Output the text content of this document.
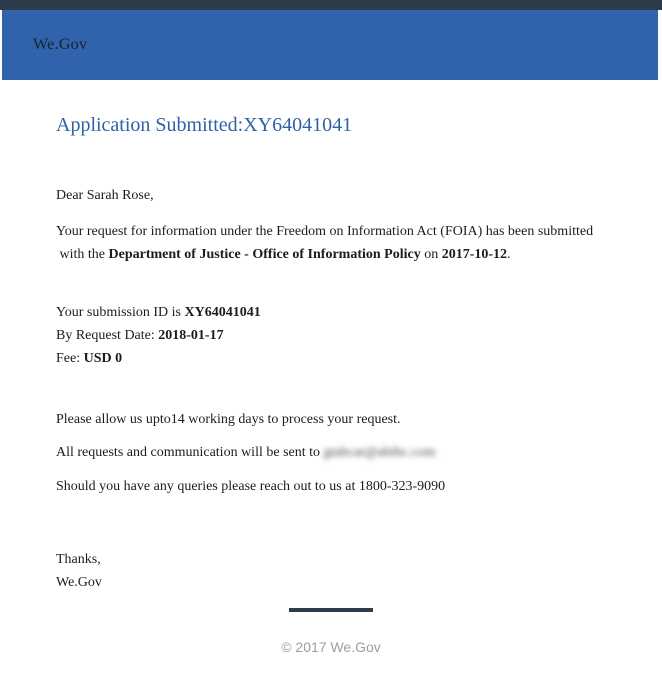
We.Gov
Application Submitted:XY64041041

Dear Sarah Rose,

Your request for information under the Freedom on Information Act (FOIA) has been submitted
with the Department of Justice - Office of Information Policy on 2017-10-12.

Your submission ID is XY64041041
By Request Date: 2018-01-17
Fee: USD 0

Please allow us upto14 working days to process your request.

All requests and communication will be sent to gtabcar@abibc.com

Should you have any queries please reach out to us at 1800-323-9090

Thanks,
We.Gov
© 2017 We.Gov
